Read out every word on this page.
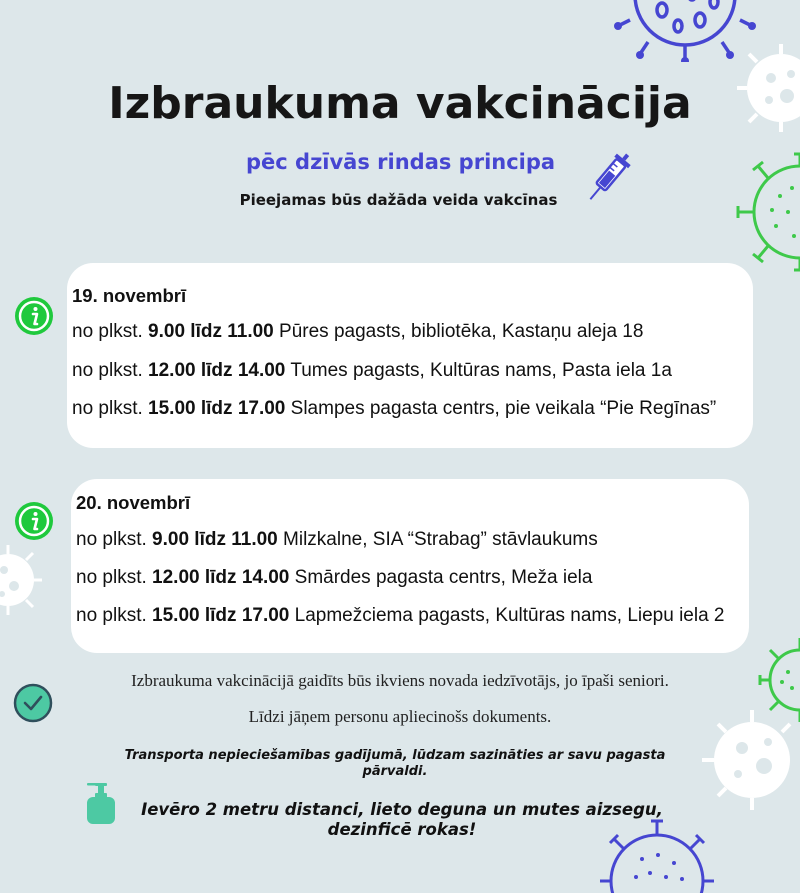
Izbraukuma vakcinācija
pēc dzīvās rindas principa
Pieejamas būs dažāda veida vakcīnas
19. novembrī
no plkst. 9.00 līdz 11.00 Pūres pagasts, bibliotēka, Kastaņu aleja 18
no plkst. 12.00 līdz 14.00 Tumes pagasts, Kultūras nams, Pasta iela 1a
no plkst. 15.00 līdz 17.00 Slampes pagasta centrs, pie veikala “Pie Regīnas”
20. novembrī
no plkst. 9.00 līdz 11.00 Milzkalne, SIA “Strabag” stāvlaukums
no plkst. 12.00 līdz 14.00 Smārdes pagasta centrs, Meža iela
no plkst. 15.00 līdz 17.00 Lapmežciema pagasts, Kultūras nams, Liepu iela 2
Izbraukuma vakcinācijā gaidīts būs ikviens novada iedzīvotājs, jo īpaši seniori.
Līdzi jāņem personu apliecinošs dokuments.
Transporta nepieciešamības gadījumā, lūdzam sazināties ar savu pagasta pārvaldi.
Ievēro 2 metru distanci, lieto deguna un mutes aizsegu, dezinficē rokas!
